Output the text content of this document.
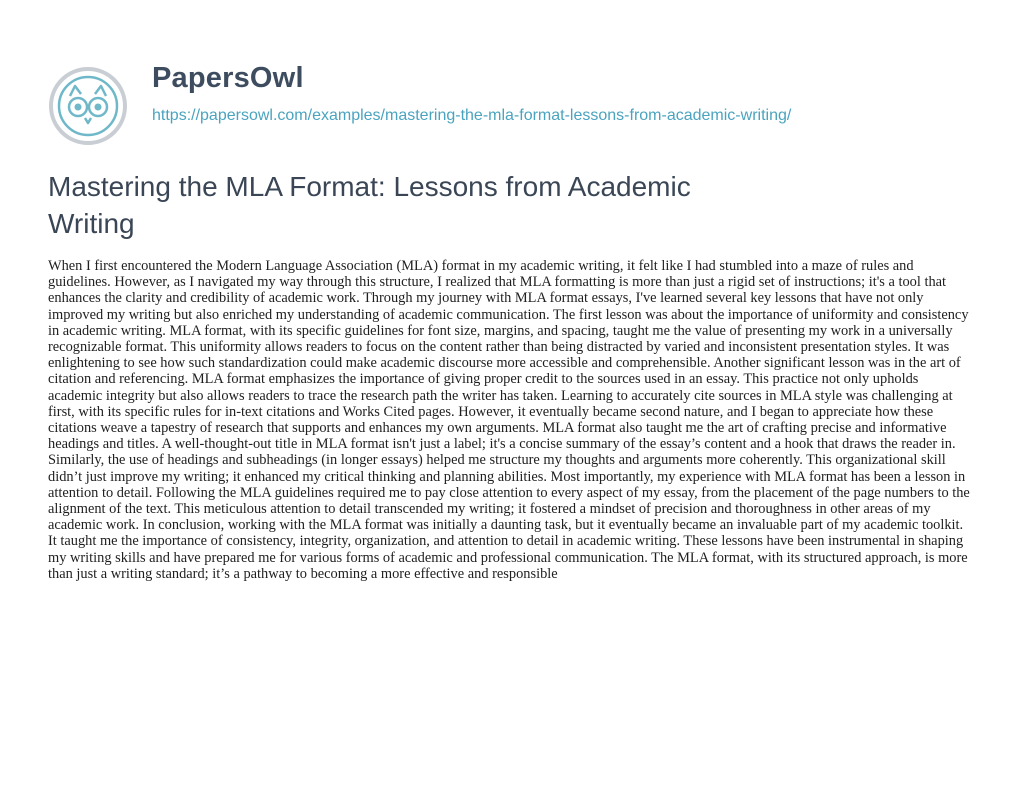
PapersOwl
https://papersowl.com/examples/mastering-the-mla-format-lessons-from-academic-writing/
Mastering the MLA Format: Lessons from Academic Writing

When I first encountered the Modern Language Association (MLA) format in my academic writing, it felt like I had stumbled into a maze of rules and guidelines. However, as I navigated my way through this structure, I realized that MLA formatting is more than just a rigid set of instructions; it's a tool that enhances the clarity and credibility of academic work. Through my journey with MLA format essays, I've learned several key lessons that have not only improved my writing but also enriched my understanding of academic communication. The first lesson was about the importance of uniformity and consistency in academic writing. MLA format, with its specific guidelines for font size, margins, and spacing, taught me the value of presenting my work in a universally recognizable format. This uniformity allows readers to focus on the content rather than being distracted by varied and inconsistent presentation styles. It was enlightening to see how such standardization could make academic discourse more accessible and comprehensible. Another significant lesson was in the art of citation and referencing. MLA format emphasizes the importance of giving proper credit to the sources used in an essay. This practice not only upholds academic integrity but also allows readers to trace the research path the writer has taken. Learning to accurately cite sources in MLA style was challenging at first, with its specific rules for in-text citations and Works Cited pages. However, it eventually became second nature, and I began to appreciate how these citations weave a tapestry of research that supports and enhances my own arguments. MLA format also taught me the art of crafting precise and informative headings and titles. A well-thought-out title in MLA format isn't just a label; it's a concise summary of the essay’s content and a hook that draws the reader in. Similarly, the use of headings and subheadings (in longer essays) helped me structure my thoughts and arguments more coherently. This organizational skill didn’t just improve my writing; it enhanced my critical thinking and planning abilities. Most importantly, my experience with MLA format has been a lesson in attention to detail. Following the MLA guidelines required me to pay close attention to every aspect of my essay, from the placement of the page numbers to the alignment of the text. This meticulous attention to detail transcended my writing; it fostered a mindset of precision and thoroughness in other areas of my academic work. In conclusion, working with the MLA format was initially a daunting task, but it eventually became an invaluable part of my academic toolkit. It taught me the importance of consistency, integrity, organization, and attention to detail in academic writing. These lessons have been instrumental in shaping my writing skills and have prepared me for various forms of academic and professional communication. The MLA format, with its structured approach, is more than just a writing standard; it’s a pathway to becoming a more effective and responsible
